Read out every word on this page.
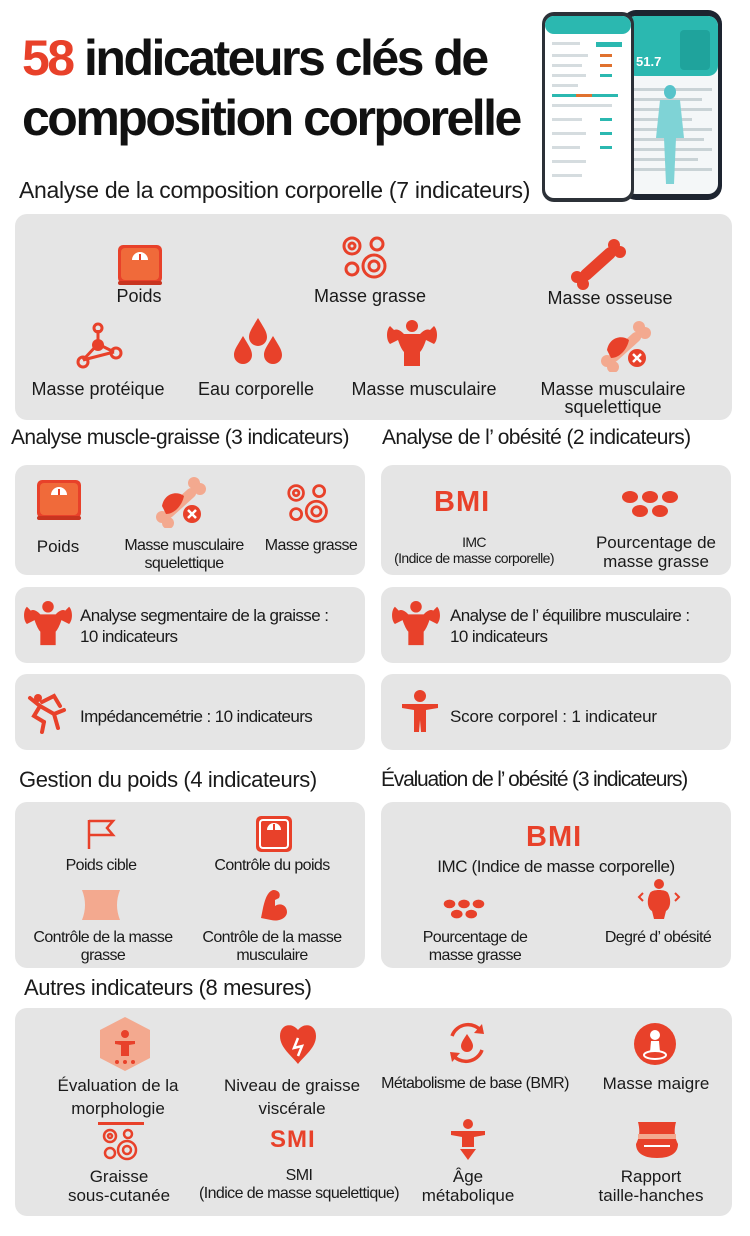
58 indicateurs clés de
composition corporelle
51.7
Analyse de la composition corporelle (7 indicateurs)
Poids	Masse grasse	Masse osseuse
Masse protéique	Eau corporelle	Masse musculaire	Masse musculaire
squelettique
Analyse muscle-graisse (3 indicateurs)
Poids	Masse musculaire
squelettique
Masse grasse
Analyse segmentaire de la graisse :
10 indicateurs
Impédancemétrie : 10 indicateurs
Analyse de l’ obésité (2 indicateurs)
BMI
IMC
(Indice de masse corporelle)
Pourcentage de
masse grasse
Analyse de l’ équilibre musculaire :
10 indicateurs
Score corporel : 1 indicateur
Gestion du poids (4 indicateurs)
Poids cible	Contrôle du poids
Contrôle de la masse
grasse
Contrôle de la masse
musculaire
Évaluation de l’ obésité (3 indicateurs)
BMI
IMC (Indice de masse corporelle)
Pourcentage de
masse grasse
Degré d’ obésité
Autres indicateurs (8 mesures)
Évaluation de la
morphologie
Niveau de graisse
viscérale
Métabolisme de base (BMR)	Masse maigre
Graisse
sous-cutanée
SMI
SMI
(Indice de masse squelettique)
Âge
métabolique
Rapport
taille-hanches
